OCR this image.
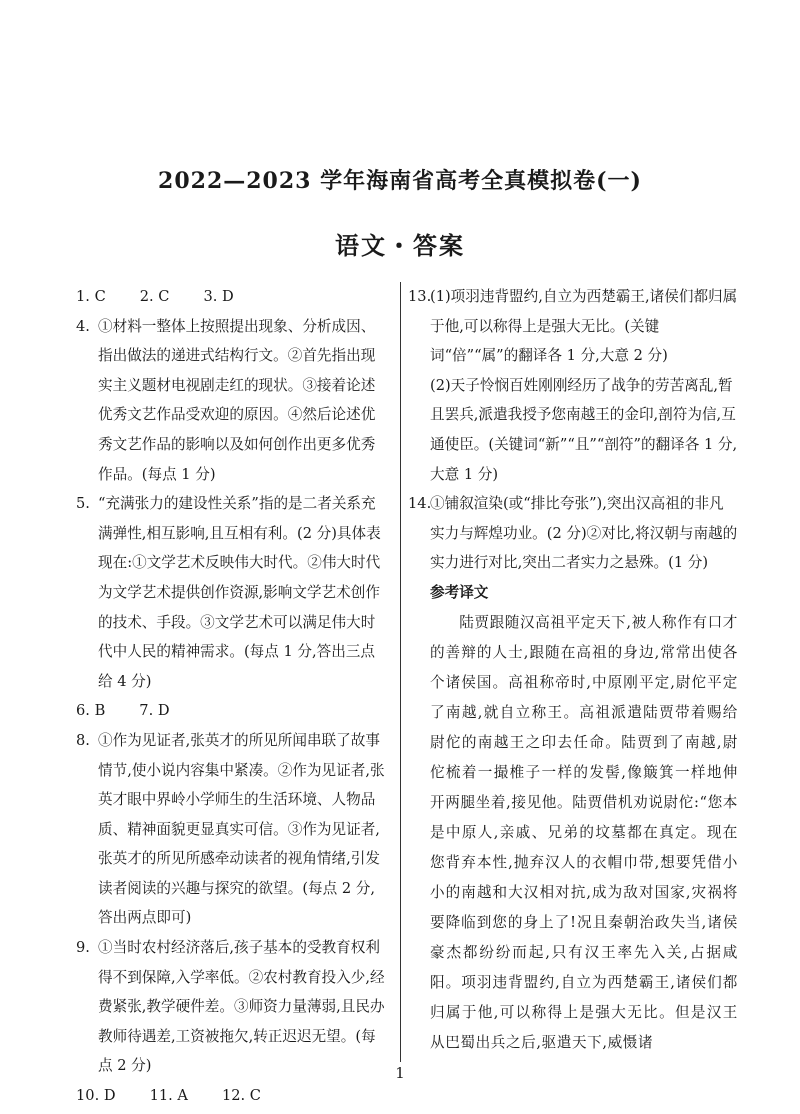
2022—2023 学年海南省高考全真模拟卷(一)
语文・答案
1. C 2. C 3. D

4. ①材料一整体上按照提出现象、分析成因、指出做法的递进式结构行文。②首先指出现实主义题材电视剧走红的现状。③接着论述优秀文艺作品受欢迎的原因。④然后论述优秀文艺作品的影响以及如何创作出更多优秀作品。(每点 1 分)

5. “充满张力的建设性关系”指的是二者关系充满弹性,相互影响,且互相有利。(2 分)具体表现在:①文学艺术反映伟大时代。②伟大时代为文学艺术提供创作资源,影响文学艺术创作的技术、手段。③文学艺术可以满足伟大时代中人民的精神需求。(每点 1 分,答出三点给 4 分)

6. B 7. D

8. ①作为见证者,张英才的所见所闻串联了故事情节,使小说内容集中紧凑。②作为见证者,张英才眼中界岭小学师生的生活环境、人物品质、精神面貌更显真实可信。③作为见证者,张英才的所见所感牵动读者的视角情绪,引发读者阅读的兴趣与探究的欲望。(每点 2 分,答出两点即可)

9. ①当时农村经济落后,孩子基本的受教育权利得不到保障,入学率低。②农村教育投入少,经费紧张,教学硬件差。③师资力量薄弱,且民办教师待遇差,工资被拖欠,转正迟迟无望。(每点 2 分)

10. D 11. A 12. C

13.(1)项羽违背盟约,自立为西楚霸王,诸侯们都归属于他,可以称得上是强大无比。(关键词“倍”“属”的翻译各 1 分,大意 2 分)

(2)天子怜悯百姓刚刚经历了战争的劳苦离乱,暂且罢兵,派遣我授予您南越王的金印,剖符为信,互通使臣。(关键词“新”“且”“剖符”的翻译各 1 分,大意 1 分)

14.①铺叙渲染(或“排比夸张”),突出汉高祖的非凡实力与辉煌功业。(2 分)②对比,将汉朝与南越的实力进行对比,突出二者实力之悬殊。(1 分)

参考译文

陆贾跟随汉高祖平定天下,被人称作有口才的善辩的人士,跟随在高祖的身边,常常出使各个诸侯国。高祖称帝时,中原刚平定,尉佗平定了南越,就自立称王。高祖派遣陆贾带着赐给尉佗的南越王之印去任命。陆贾到了南越,尉佗梳着一撮椎子一样的发髻,像簸箕一样地伸开两腿坐着,接见他。陆贾借机劝说尉佗:“您本是中原人,亲戚、兄弟的坟墓都在真定。现在您背弃本性,抛弃汉人的衣帽巾带,想要凭借小小的南越和大汉相对抗,成为敌对国家,灾祸将要降临到您的身上了!况且秦朝治政失当,诸侯豪杰都纷纷而起,只有汉王率先入关,占据咸阳。项羽违背盟约,自立为西楚霸王,诸侯们都归属于他,可以称得上是强大无比。但是汉王从巴蜀出兵之后,驱遣天下,威慑诸

1
